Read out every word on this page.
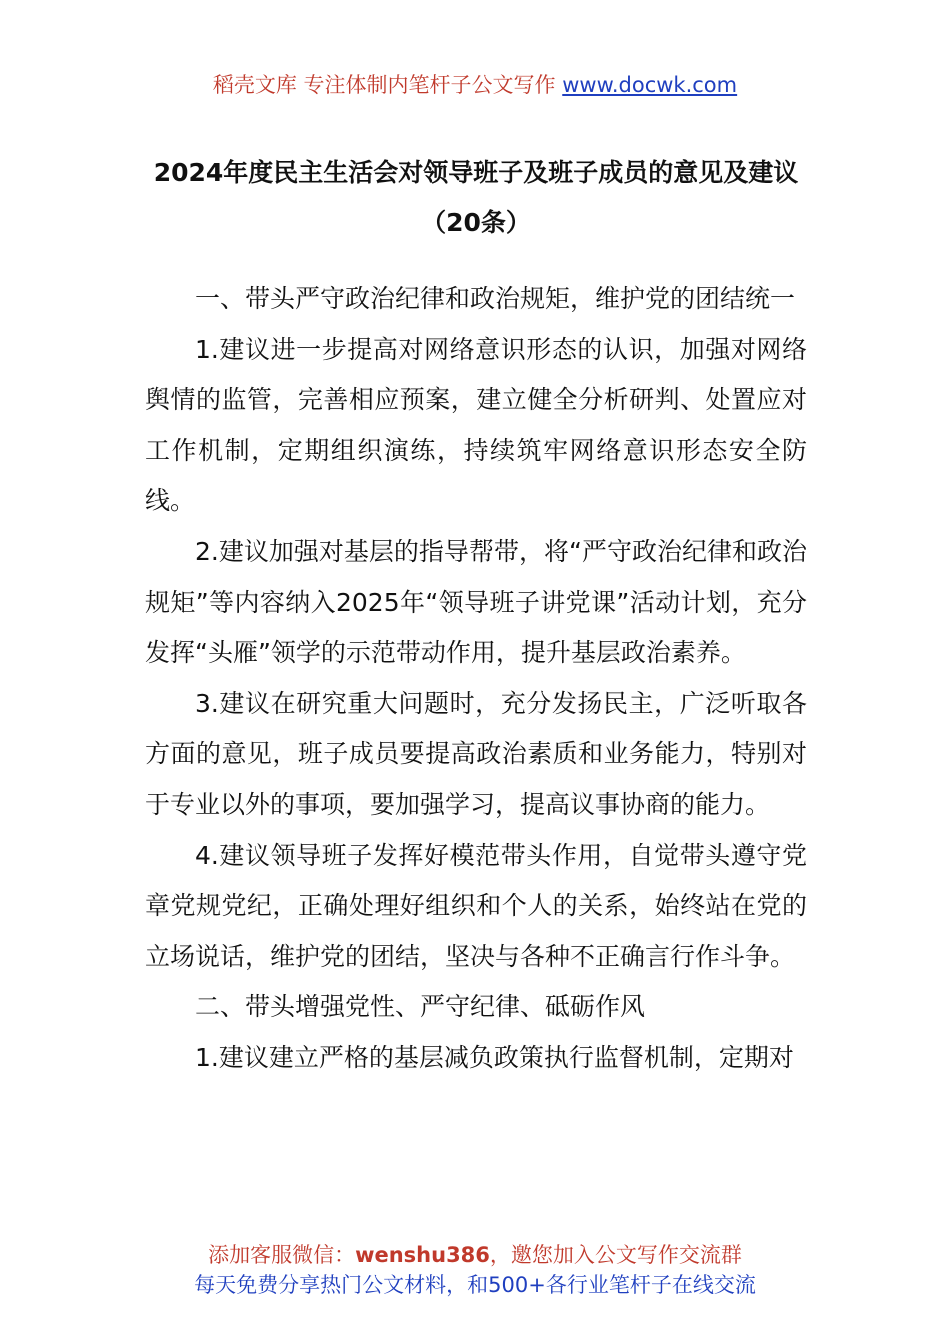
稻壳文库 专注体制内笔杆子公文写作 www.docwk.com
2024年度民主生活会对领导班子及班子成员的意见及建议（20条）

一、带头严守政治纪律和政治规矩，维护党的团结统一

1.建议进一步提高对网络意识形态的认识，加强对网络舆情的监管，完善相应预案，建立健全分析研判、处置应对工作机制，定期组织演练，持续筑牢网络意识形态安全防线。

2.建议加强对基层的指导帮带，将“严守政治纪律和政治规矩”等内容纳入2025年“领导班子讲党课”活动计划，充分发挥“头雁”领学的示范带动作用，提升基层政治素养。

3.建议在研究重大问题时，充分发扬民主，广泛听取各方面的意见，班子成员要提高政治素质和业务能力，特别对于专业以外的事项，要加强学习，提高议事协商的能力。

4.建议领导班子发挥好模范带头作用，自觉带头遵守党章党规党纪，正确处理好组织和个人的关系，始终站在党的立场说话，维护党的团结，坚决与各种不正确言行作斗争。

二、带头增强党性、严守纪律、砥砺作风

1.建议建立严格的基层减负政策执行监督机制，定期对

添加客服微信：wenshu386，邀您加入公文写作交流群
每天免费分享热门公文材料，和500+各行业笔杆子在线交流
